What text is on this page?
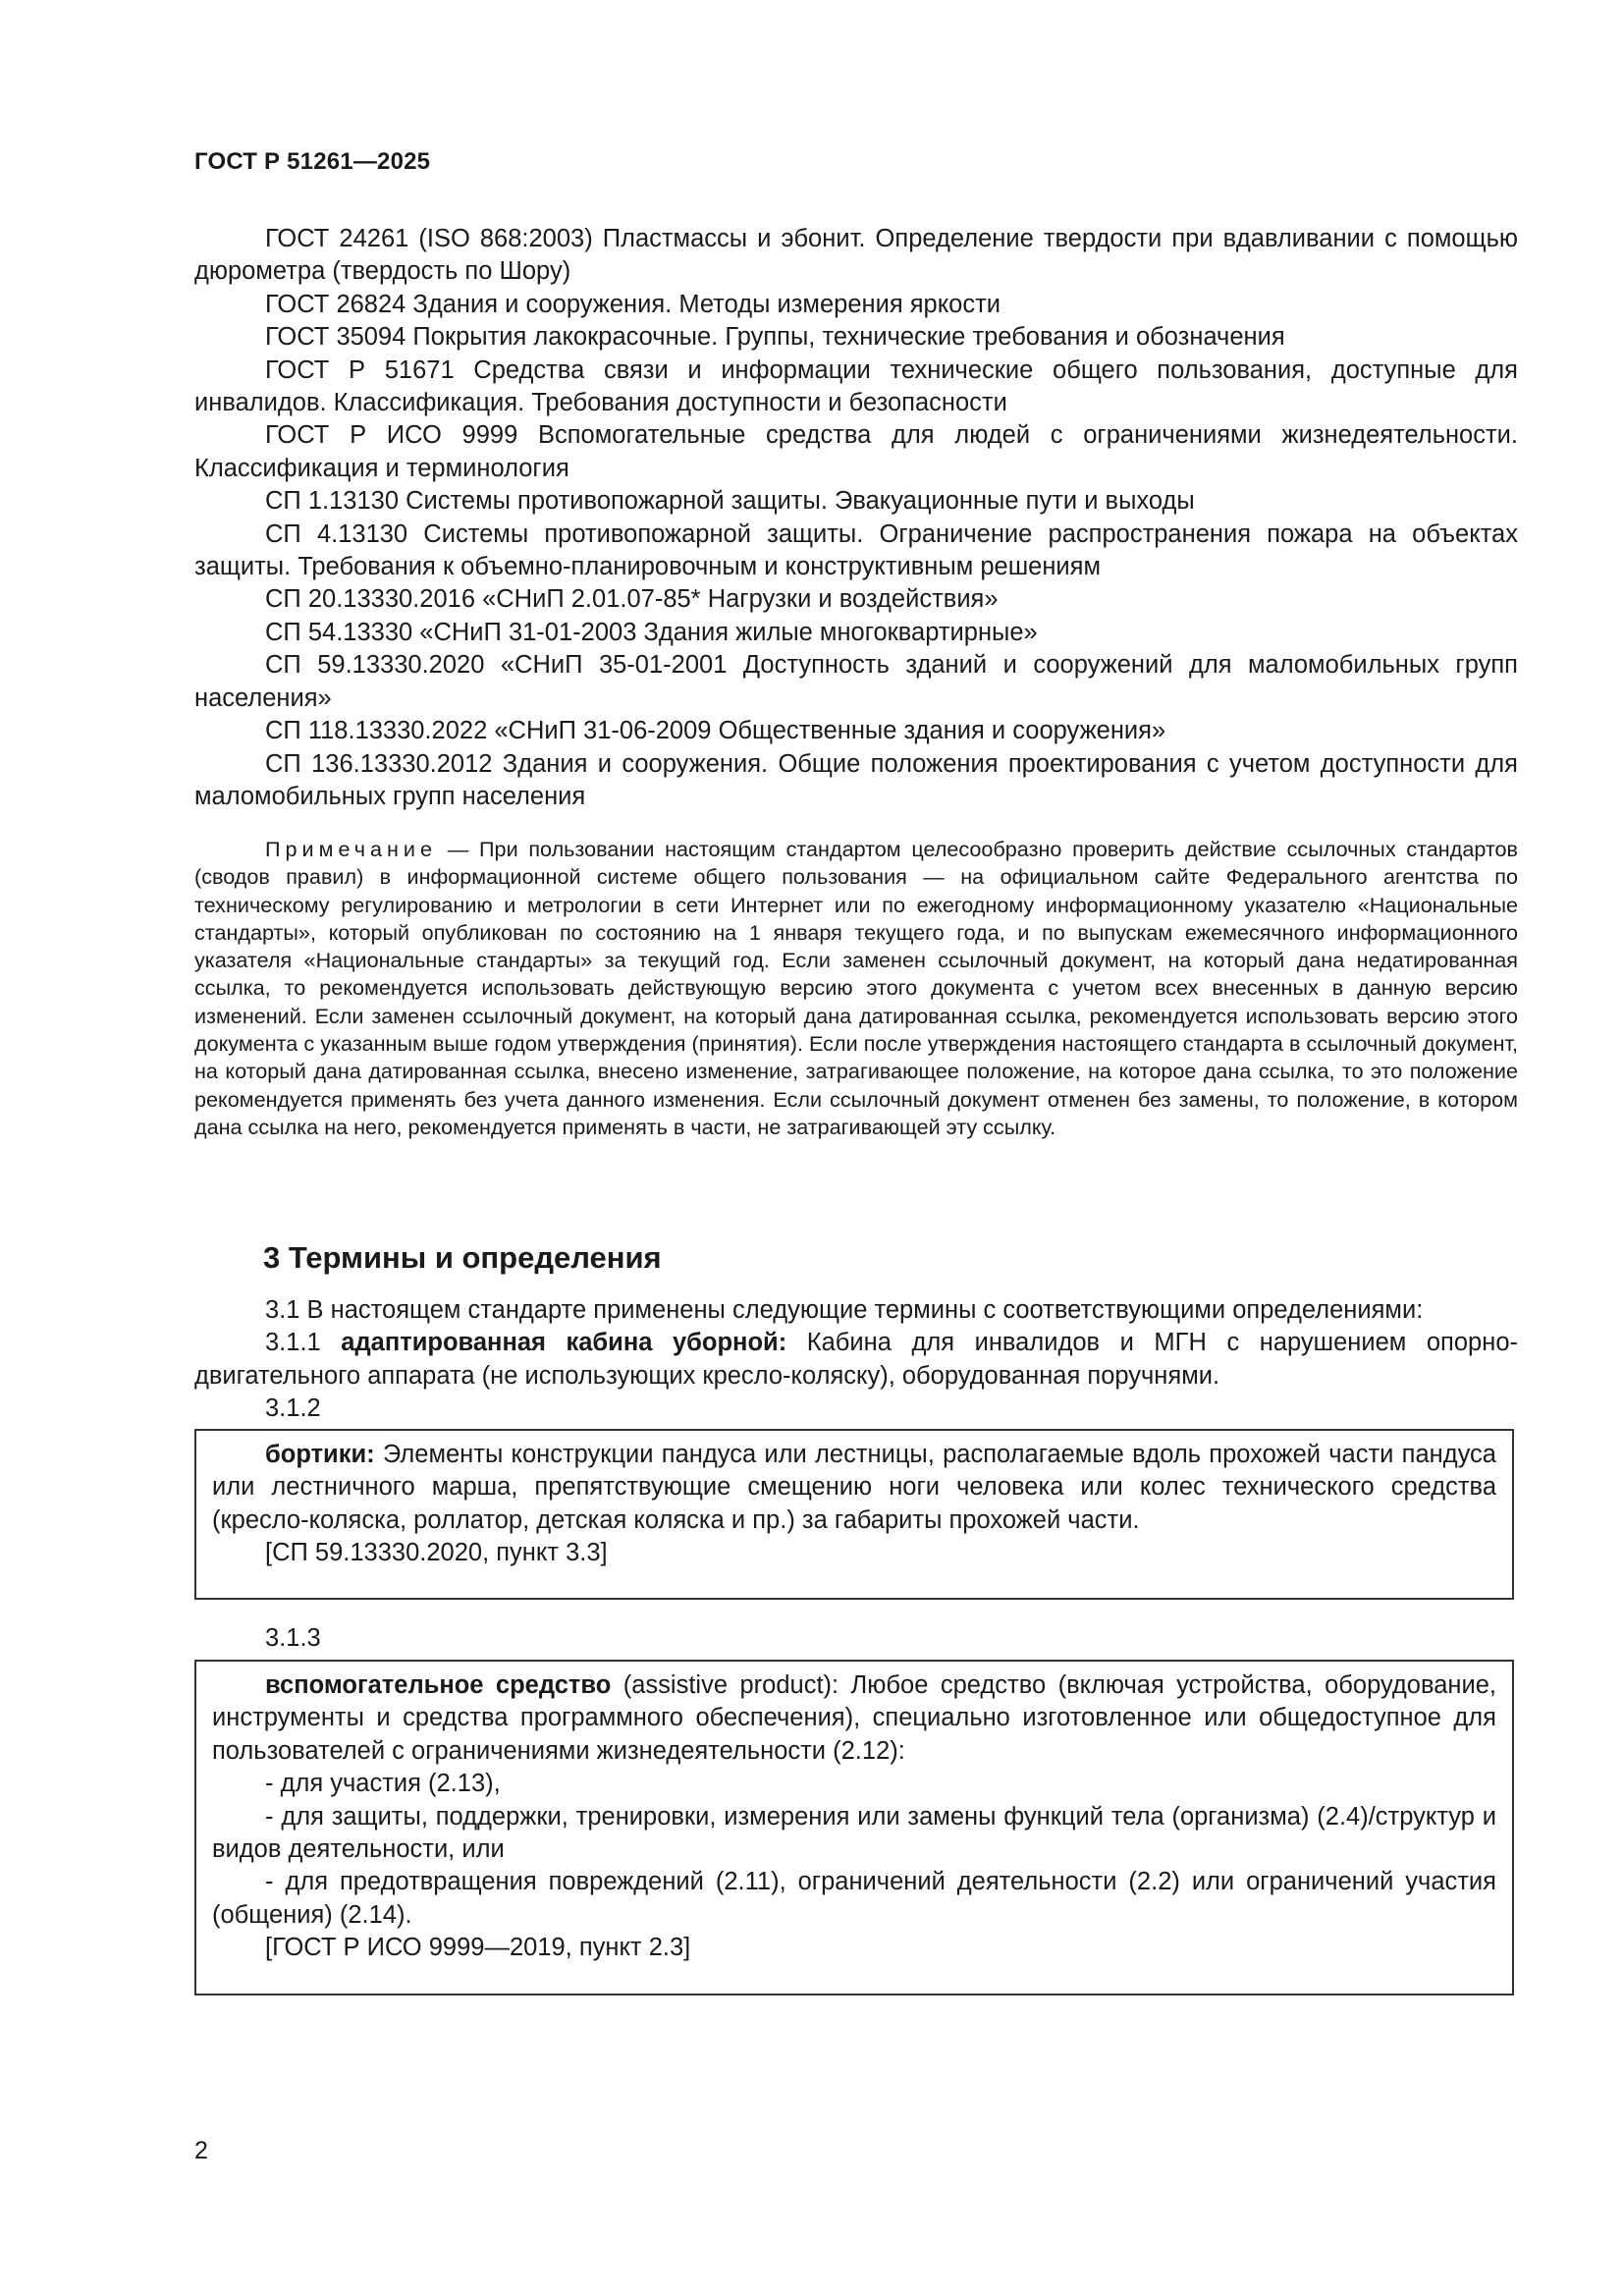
ГОСТ Р 51261—2025

ГОСТ 24261 (ISO 868:2003) Пластмассы и эбонит. Определение твердости при вдавливании с помощью дюрометра (твердость по Шору)

ГОСТ 26824 Здания и сооружения. Методы измерения яркости

ГОСТ 35094 Покрытия лакокрасочные. Группы, технические требования и обозначения

ГОСТ Р 51671 Средства связи и информации технические общего пользования, доступные для инвалидов. Классификация. Требования доступности и безопасности

ГОСТ Р ИСО 9999 Вспомогательные средства для людей с ограничениями жизнедеятельности. Классификация и терминология

СП 1.13130 Системы противопожарной защиты. Эвакуационные пути и выходы

СП 4.13130 Системы противопожарной защиты. Ограничение распространения пожара на объектах защиты. Требования к объемно-планировочным и конструктивным решениям

СП 20.13330.2016 «СНиП 2.01.07-85* Нагрузки и воздействия»

СП 54.13330 «СНиП 31-01-2003 Здания жилые многоквартирные»

СП 59.13330.2020 «СНиП 35-01-2001 Доступность зданий и сооружений для маломобильных групп населения»

СП 118.13330.2022 «СНиП 31-06-2009 Общественные здания и сооружения»

СП 136.13330.2012 Здания и сооружения. Общие положения проектирования с учетом доступности для маломобильных групп населения

Примечание — При пользовании настоящим стандартом целесообразно проверить действие ссылочных стандартов (сводов правил) в информационной системе общего пользования — на официальном сайте Федерального агентства по техническому регулированию и метрологии в сети Интернет или по ежегодному информационному указателю «Национальные стандарты», который опубликован по состоянию на 1 января текущего года, и по выпускам ежемесячного информационного указателя «Национальные стандарты» за текущий год. Если заменен ссылочный документ, на который дана недатированная ссылка, то рекомендуется использовать действующую версию этого документа с учетом всех внесенных в данную версию изменений. Если заменен ссылочный документ, на который дана датированная ссылка, рекомендуется использовать версию этого документа с указанным выше годом утверждения (принятия). Если после утверждения настоящего стандарта в ссылочный документ, на который дана датированная ссылка, внесено изменение, затрагивающее положение, на которое дана ссылка, то это положение рекомендуется применять без учета данного изменения. Если ссылочный документ отменен без замены, то положение, в котором дана ссылка на него, рекомендуется применять в части, не затрагивающей эту ссылку.

3 Термины и определения

3.1 В настоящем стандарте применены следующие термины с соответствующими определениями:

3.1.1 адаптированная кабина уборной: Кабина для инвалидов и МГН с нарушением опорно-двигательного аппарата (не использующих кресло-коляску), оборудованная поручнями.

3.1.2

бортики: Элементы конструкции пандуса или лестницы, располагаемые вдоль прохожей части пандуса или лестничного марша, препятствующие смещению ноги человека или колес технического средства (кресло-коляска, роллатор, детская коляска и пр.) за габариты прохожей части.

[СП 59.13330.2020, пункт 3.3]

3.1.3

вспомогательное средство (assistive product): Любое средство (включая устройства, оборудование, инструменты и средства программного обеспечения), специально изготовленное или общедоступное для пользователей с ограничениями жизнедеятельности (2.12):

- для участия (2.13),

- для защиты, поддержки, тренировки, измерения или замены функций тела (организма) (2.4)/структур и видов деятельности, или

- для предотвращения повреждений (2.11), ограничений деятельности (2.2) или ограничений участия (общения) (2.14).

[ГОСТ Р ИСО 9999—2019, пункт 2.3]

2
